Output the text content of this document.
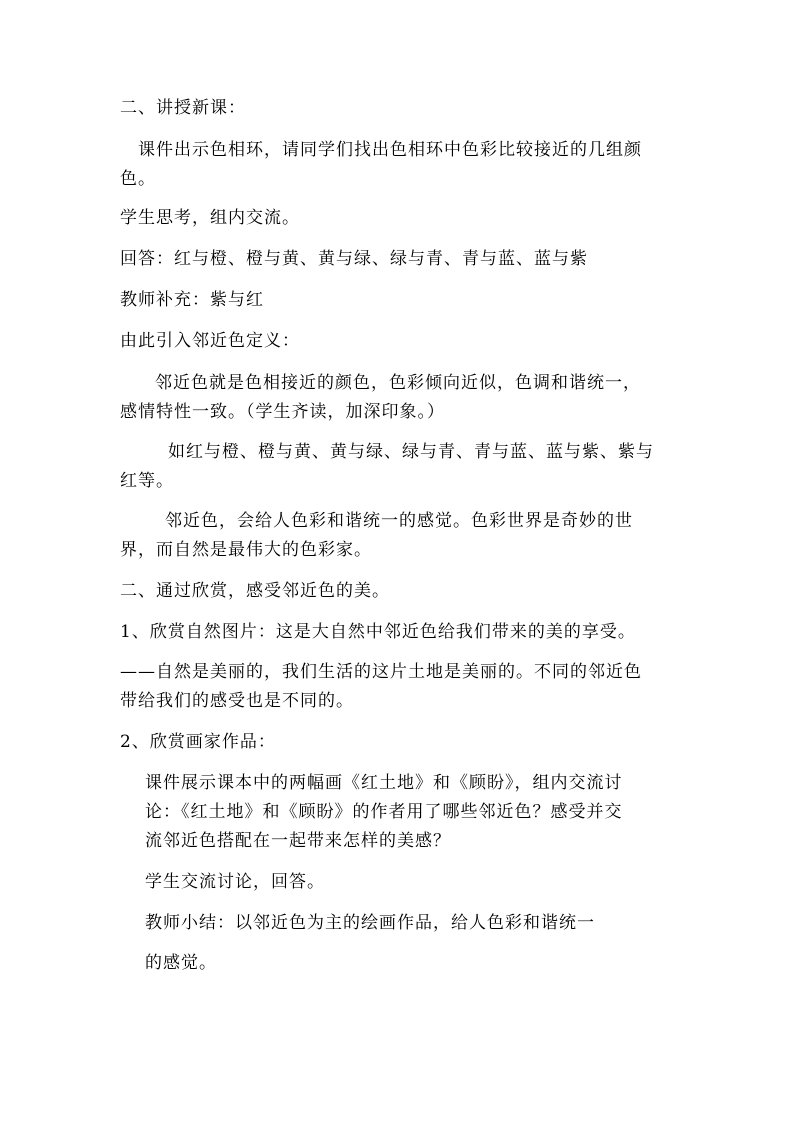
二、讲授新课：
课件出示色相环，请同学们找出色相环中色彩比较接近的几组颜
色。
学生思考，组内交流。
回答：红与橙、橙与黄、黄与绿、绿与青、青与蓝、蓝与紫
教师补充：紫与红
由此引入邻近色定义：
邻近色就是色相接近的颜色，色彩倾向近似，色调和谐统一，
感情特性一致。（学生齐读，加深印象。）
如红与橙、橙与黄、黄与绿、绿与青、青与蓝、蓝与紫、紫与
红等。
邻近色，会给人色彩和谐统一的感觉。色彩世界是奇妙的世
界，而自然是最伟大的色彩家。
二、通过欣赏，感受邻近色的美。
1、欣赏自然图片：这是大自然中邻近色给我们带来的美的享受。
——自然是美丽的，我们生活的这片土地是美丽的。不同的邻近色
带给我们的感受也是不同的。
2、欣赏画家作品：
课件展示课本中的两幅画《红土地》和《顾盼》，组内交流讨
论：《红土地》和《顾盼》的作者用了哪些邻近色？感受并交
流邻近色搭配在一起带来怎样的美感？
学生交流讨论，回答。
教师小结：以邻近色为主的绘画作品，给人色彩和谐统一
的感觉。
